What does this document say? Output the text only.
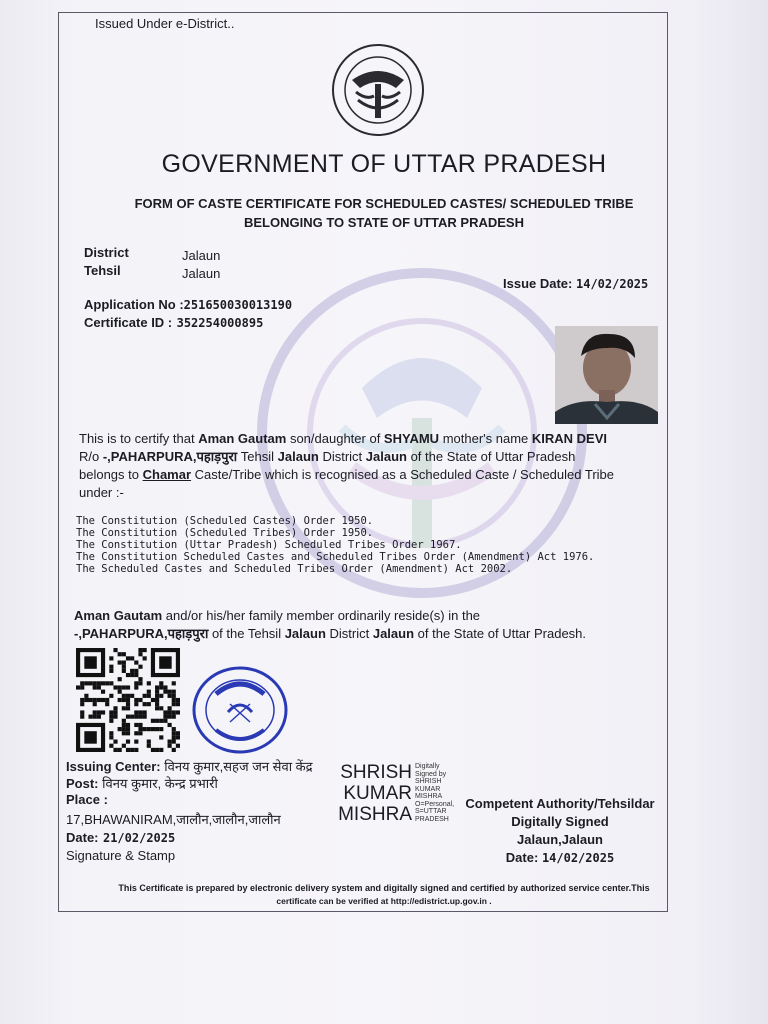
Issued Under e-District..
GOVERNMENT OF UTTAR PRADESH
FORM OF CASTE CERTIFICATE FOR SCHEDULED CASTES/ SCHEDULED TRIBE
BELONGING TO STATE OF UTTAR PRADESH
District	Jalaun
Tehsil	Jalaun
Issue Date: 14/02/2025
Application No :251650030013190
Certificate ID : 352254000895
This is to certify that Aman Gautam son/daughter of SHYAMU mother's name KIRAN DEVI
R/o -,PAHARPURA,पहाड़पुरा Tehsil Jalaun District Jalaun of the State of Uttar Pradesh
belongs to Chamar Caste/Tribe which is recognised as a Scheduled Caste / Scheduled Tribe
under :-
The Constitution (Scheduled Castes) Order 1950.
The Constitution (Scheduled Tribes) Order 1950.
The Constitution (Uttar Pradesh) Scheduled Tribes Order 1967.
The Constitution Scheduled Castes and Scheduled Tribes Order (Amendment) Act 1976.
The Scheduled Castes and Scheduled Tribes Order (Amendment) Act 2002.
Aman Gautam and/or his/her family member ordinarily reside(s) in the
-,PAHARPURA,पहाड़पुरा of the Tehsil Jalaun District Jalaun of the State of Uttar Pradesh.
Issuing Center: विनय कुमार,सहज जन सेवा केंद्र
Post: विनय कुमार, केन्द्र प्रभारी
Place :
17,BHAWANIRAM,जालौन,जालौन,जालौन
Date: 21/02/2025
Signature & Stamp
SHRISH
KUMAR
MISHRA
Digitally
Signed by
SHRISH
KUMAR
MISHRA
O=Personal,
S=UTTAR
PRADESH
Competent Authority/Tehsildar
Digitally Signed
Jalaun,Jalaun
Date: 14/02/2025
This Certificate is prepared by electronic delivery system and digitally signed and certified by authorized service center.This
certificate can be verified at http://edistrict.up.gov.in .
